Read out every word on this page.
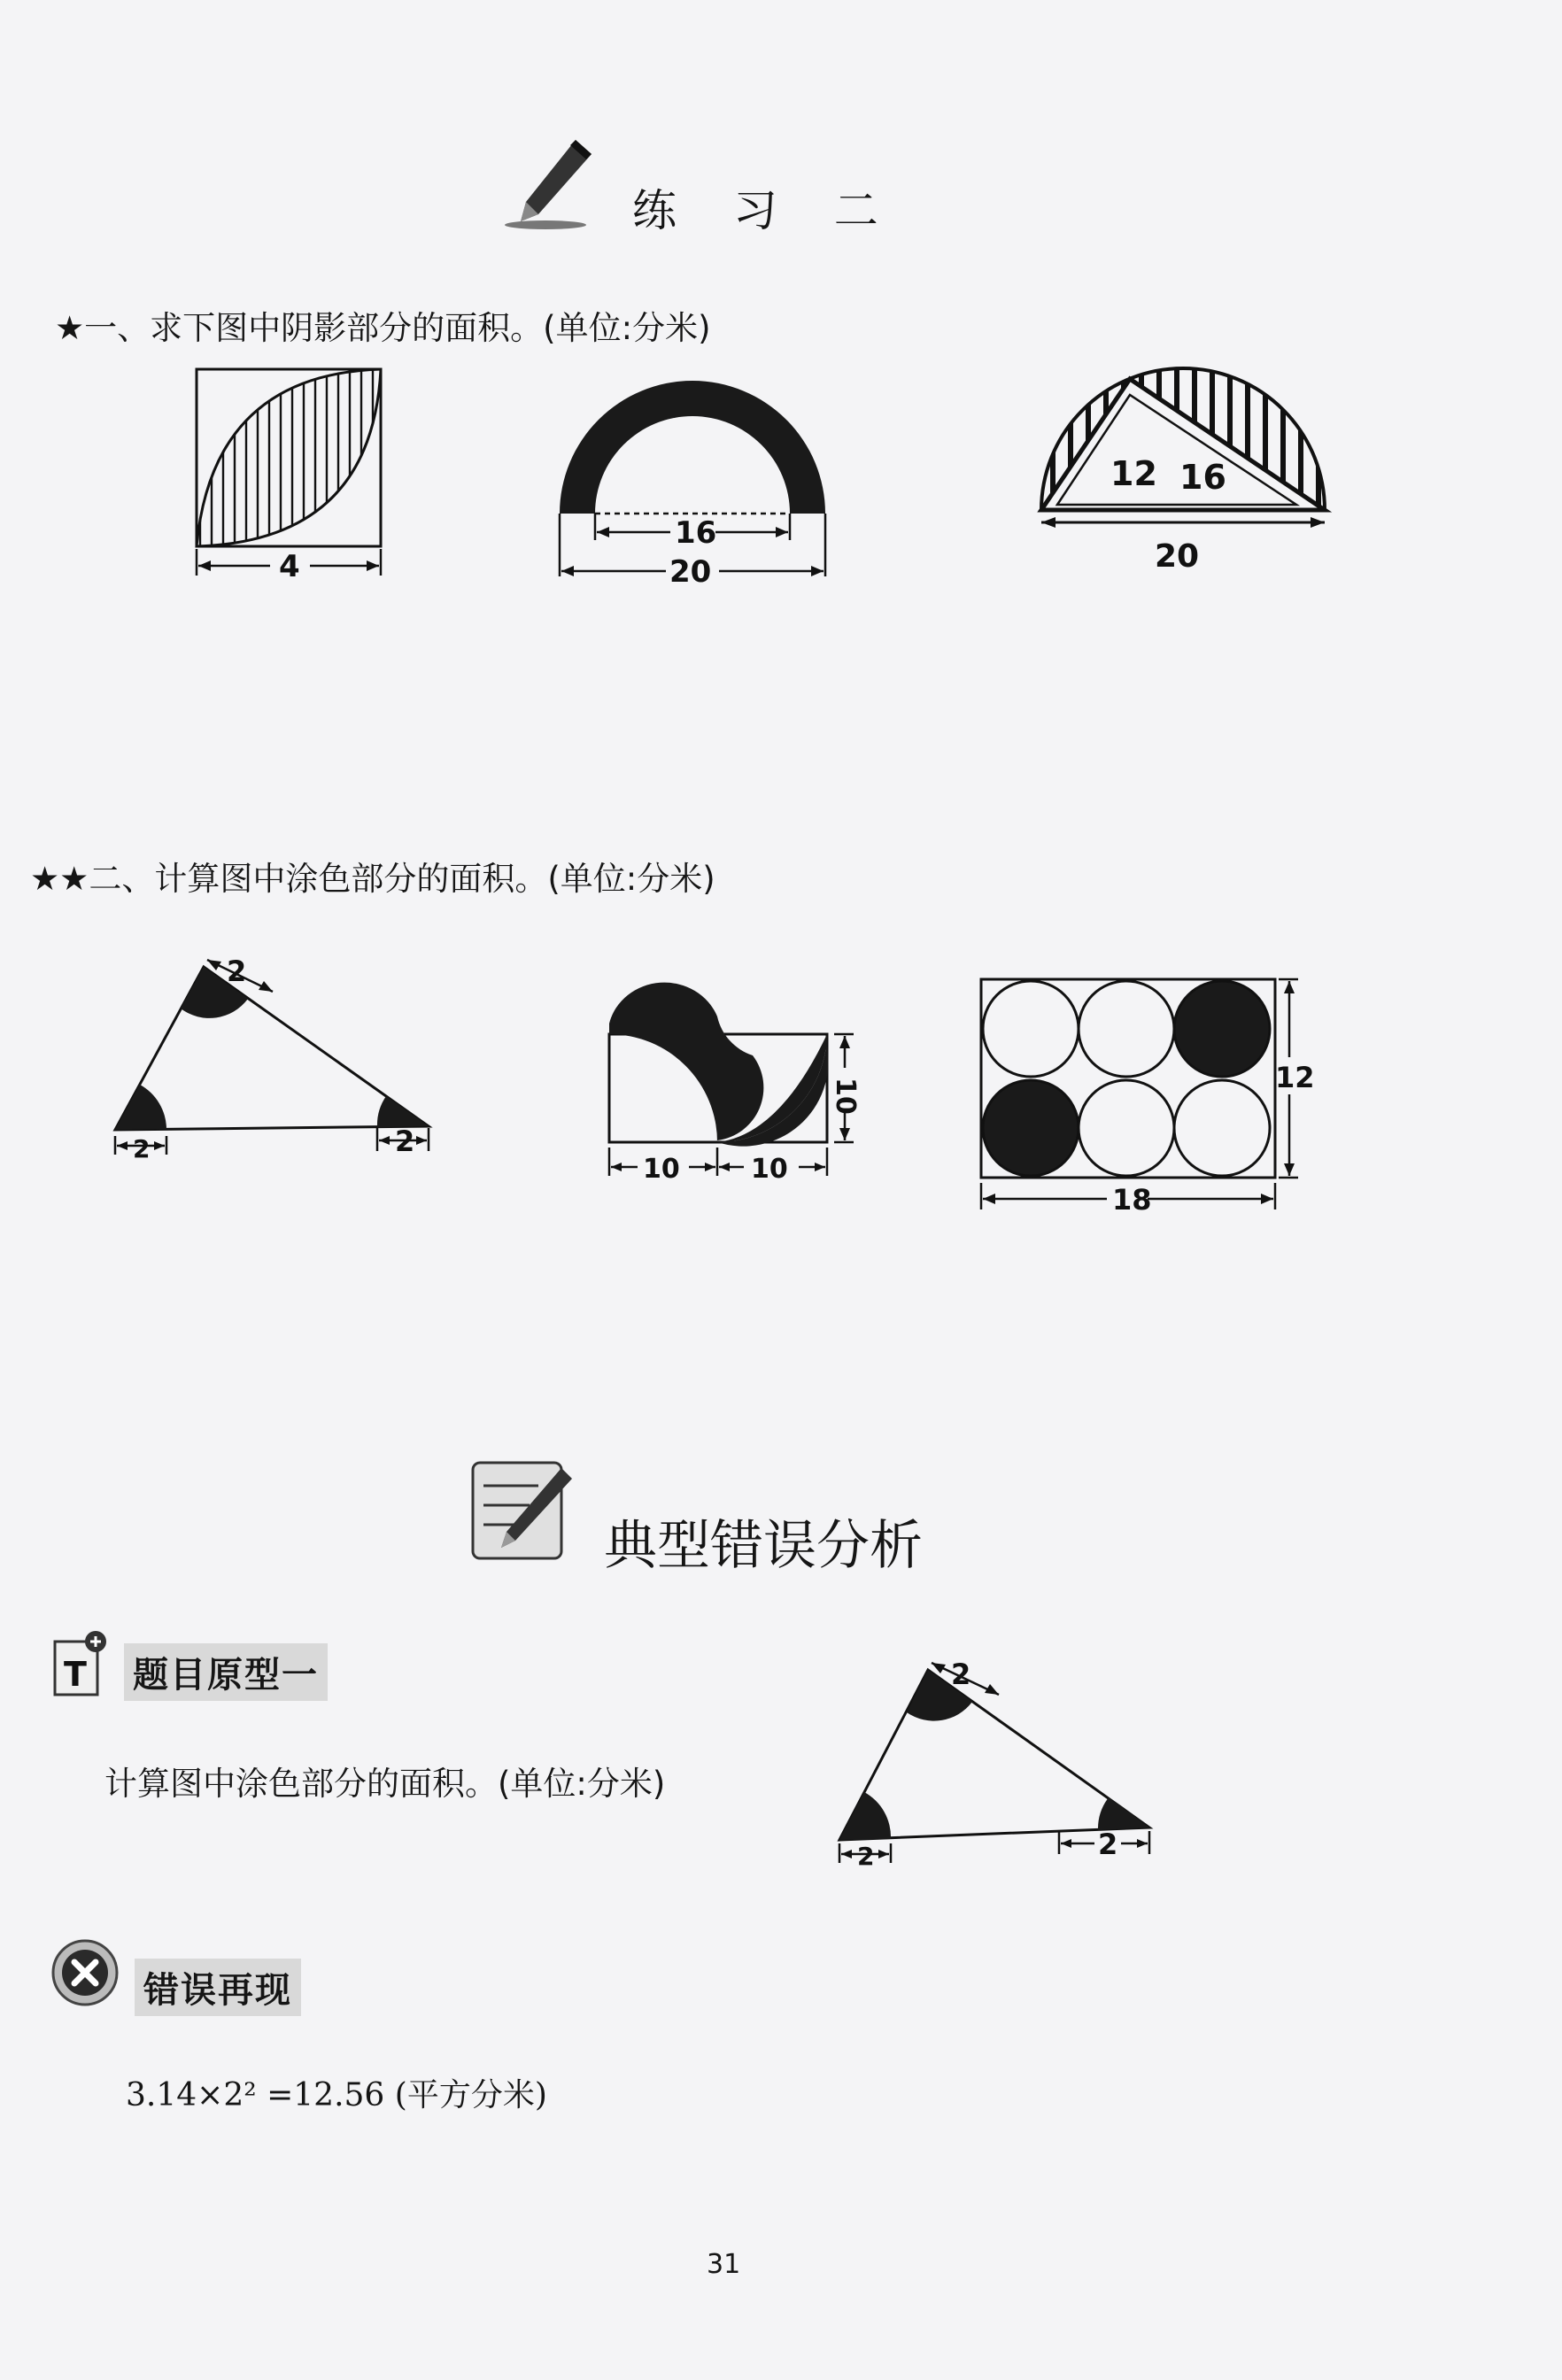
练 习 二
★一、求下图中阴影部分的面积。(单位:分米)
4
16
20
12 16
20
★★二、计算图中涂色部分的面积。(单位:分米)
2
2	2
10
10	10
12
18
典型错误分析
T 题目原型一
计算图中涂色部分的面积。(单位:分米)
2
2	2
错误再现
3.14×2² =12.56 (平方分米)
31
